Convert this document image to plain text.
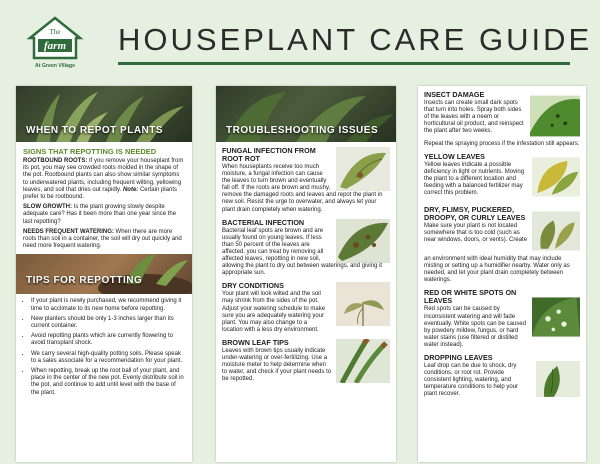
The
farm
At Green Village
HOUSEPLANT CARE GUIDE
WHEN TO REPOT PLANTS
SIGNS THAT REPOTTING IS NEEDED
ROOTBOUND ROOTS: If you remove your houseplant from its pot, you may see crowded roots molded in the shape of the pot. Rootbound plants can also show similar symptoms to underwatered plants, including frequent wilting, yellowing leaves, and soil that dries out rapidly. Note: Certain plants prefer to be rootbound.
SLOW GROWTH: Is the plant growing slowly despite adequate care? Has it been more than one year since the last repotting?
NEEDS FREQUENT WATERING: When there are more roots than soil in a container, the soil will dry out quickly and need more frequent watering.
TIPS FOR REPOTTING
• If your plant is newly purchased, we recommend giving it time to acclimate to its new home before repotting.
• New planters should be only 1-3 inches larger than its current container.
• Avoid repotting plants which are currently flowering to avoid transplant shock.
• We carry several high-quality potting soils. Please speak to a sales associate for a recommendation for your plant.
• When repotting, break up the root ball of your plant, and place in the center of the new pot. Evenly distribute soil in the pot, and continue to add until level with the base of the plant.
TROUBLESHOOTING ISSUES
FUNGAL INFECTION FROM ROOT ROT
When houseplants receive too much moisture, a fungal infection can cause the leaves to turn brown and eventually fall off. If the roots are brown and mushy,
remove the damaged roots and leaves and repot the plant in new soil. Resist the urge to overwater, and always let your plant drain completely when watering.
BACTERIAL INFECTION
Bacterial leaf spots are brown and are usually found on young leaves. If less than 50 percent of the leaves are affected, you can treat by removing all affected leaves, repotting in new soil,
allowing the plant to dry out between waterings, and giving it appropriate sun.
DRY CONDITIONS
Your plant will look wilted and the soil may shrink from the sides of the pot. Adjust your watering schedule to make sure you are adequately watering your plant. You may also change to a
location with a less dry environment.
BROWN LEAF TIPS
Leaves with brown tips usually indicate under-watering or over-fertilizing. Use a moisture meter to help determine when to water, and check if your plant needs to be repotted.
INSECT DAMAGE
Insects can create small dark spots that turn into holes. Spray both sides of the leaves with a neem or horticultural oil product, and reinspect the plant after two weeks.
Repeat the spraying process if the infestation still appears.
YELLOW LEAVES
Yellow leaves indicate a possible deficiency in light or nutrients. Moving the plant to a different location and feeding with a balanced fertilizer may correct this problem.
DRY, FLIMSY, PUCKERED, DROOPY, OR CURLY LEAVES
Make sure your plant is not located somewhere that is too cold (such as near windows, doors, or vents). Create
an environment with ideal humidity that may include misting or setting up a humidifier nearby. Water only as needed, and let your plant drain completely between waterings.
RED OR WHITE SPOTS ON LEAVES
Red spots can be caused by inconsistent watering and will fade eventually. White spots can be caused by powdery mildew, fungus, or hard water stains (use filtered or distilled water instead).
DROPPING LEAVES
Leaf drop can be due to shock, dry conditions, or root rot. Provide consistent lighting, watering, and temperature conditions to help your plant recover.
